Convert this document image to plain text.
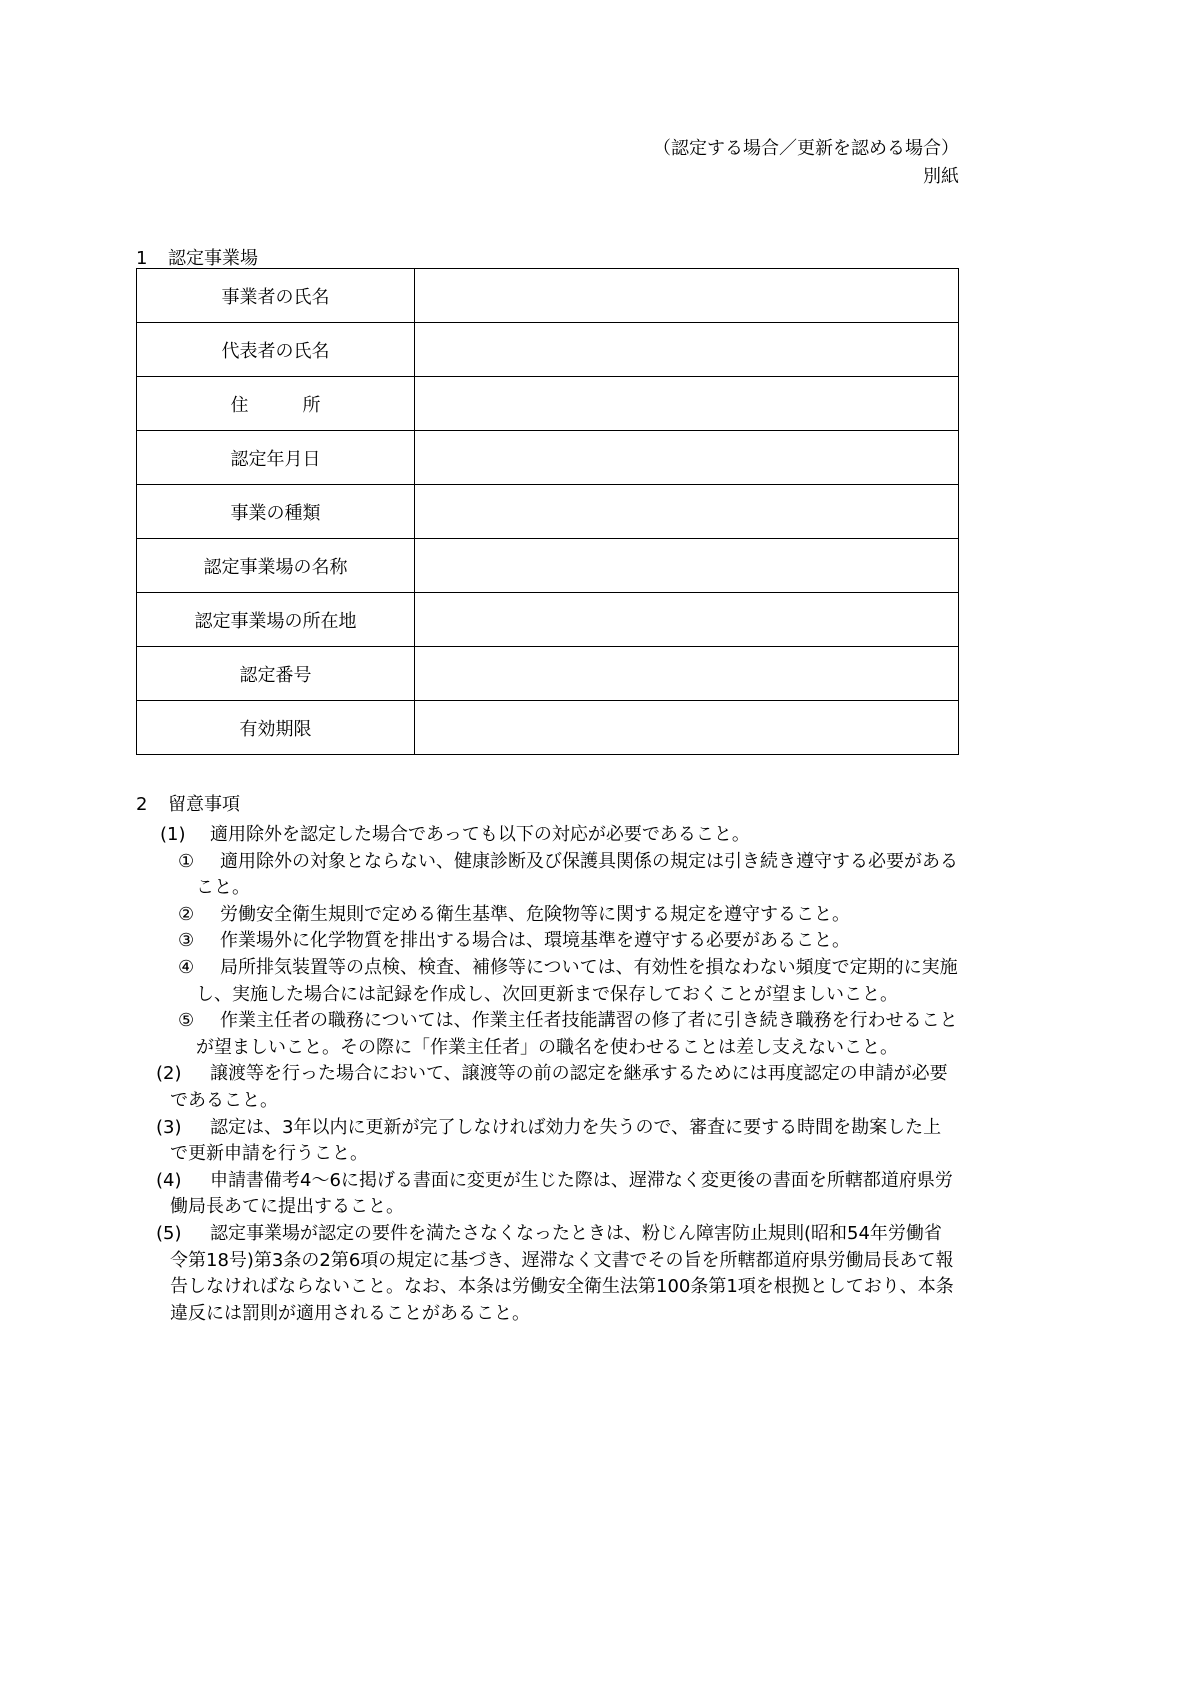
（認定する場合／更新を認める場合）
別紙
1 認定事業場
事業者の氏名	
代表者の氏名	
住　　　所	
認定年月日	
事業の種類	
認定事業場の名称	
認定事業場の所在地	
認定番号	
有効期限	
2 留意事項
(1) 適用除外を認定した場合であっても以下の対応が必要であること。
①	適用除外の対象とならない、健康診断及び保護具関係の規定は引き続き遵守する必要があること。
②	労働安全衛生規則で定める衛生基準、危険物等に関する規定を遵守すること。
③	作業場外に化学物質を排出する場合は、環境基準を遵守する必要があること。
④	局所排気装置等の点検、検査、補修等については、有効性を損なわない頻度で定期的に実施し、実施した場合には記録を作成し、次回更新まで保存しておくことが望ましいこと。
⑤	作業主任者の職務については、作業主任者技能講習の修了者に引き続き職務を行わせることが望ましいこと。その際に「作業主任者」の職名を使わせることは差し支えないこと。
(2)	譲渡等を行った場合において、譲渡等の前の認定を継承するためには再度認定の申請が必要であること。
(3)	認定は、3年以内に更新が完了しなければ効力を失うので、審査に要する時間を勘案した上で更新申請を行うこと。
(4)	申請書備考4～6に掲げる書面に変更が生じた際は、遅滞なく変更後の書面を所轄都道府県労働局長あてに提出すること。
(5)	認定事業場が認定の要件を満たさなくなったときは、粉じん障害防止規則(昭和54年労働省令第18号)第3条の2第6項の規定に基づき、遅滞なく文書でその旨を所轄都道府県労働局長あて報告しなければならないこと。なお、本条は労働安全衛生法第100条第1項を根拠としており、本条違反には罰則が適用されることがあること。
